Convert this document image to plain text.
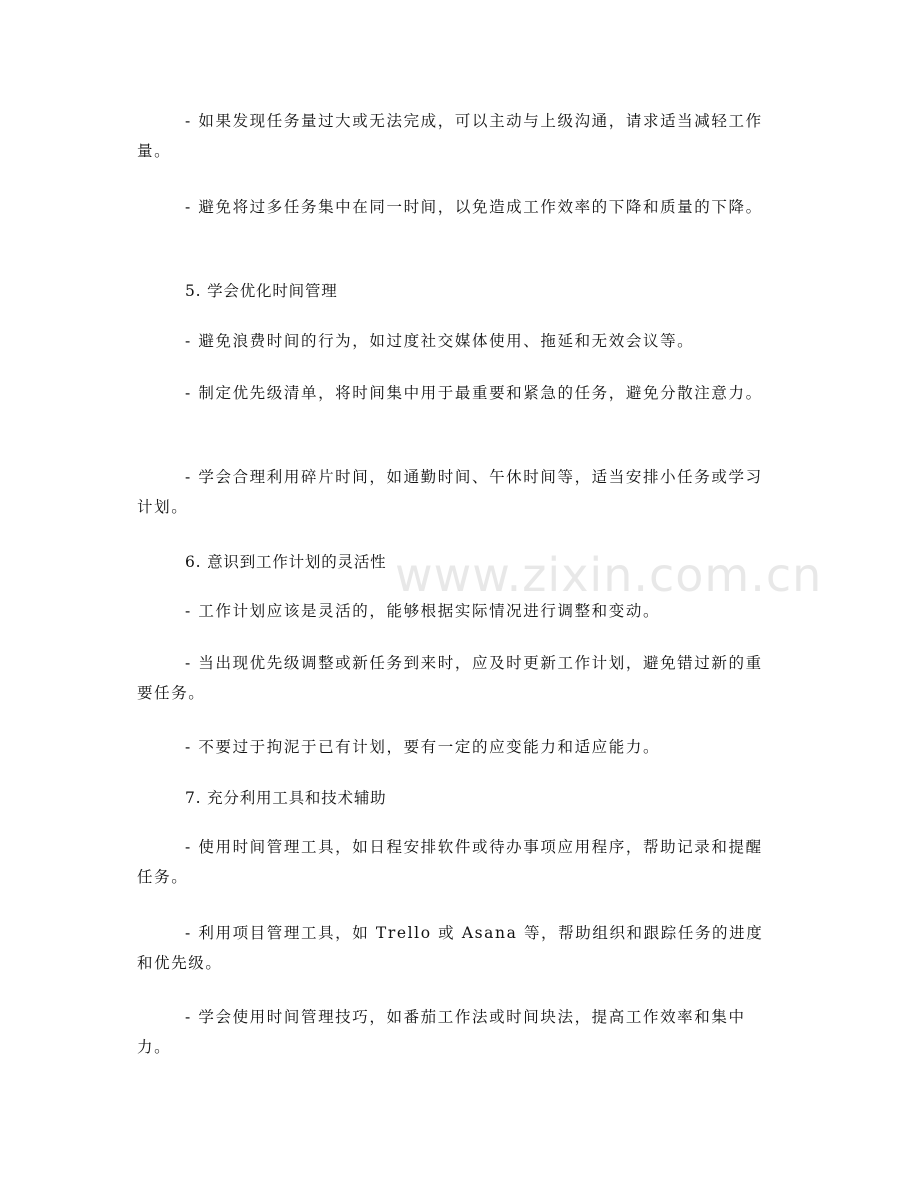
- 如果发现任务量过大或无法完成，可以主动与上级沟通，请求适当减轻工作量。

- 避免将过多任务集中在同一时间，以免造成工作效率的下降和质量的下降。

5. 学会优化时间管理

- 避免浪费时间的行为，如过度社交媒体使用、拖延和无效会议等。

- 制定优先级清单，将时间集中用于最重要和紧急的任务，避免分散注意力。

- 学会合理利用碎片时间，如通勤时间、午休时间等，适当安排小任务或学习计划。

6. 意识到工作计划的灵活性

- 工作计划应该是灵活的，能够根据实际情况进行调整和变动。

- 当出现优先级调整或新任务到来时，应及时更新工作计划，避免错过新的重要任务。

- 不要过于拘泥于已有计划，要有一定的应变能力和适应能力。

7. 充分利用工具和技术辅助

- 使用时间管理工具，如日程安排软件或待办事项应用程序，帮助记录和提醒任务。

- 利用项目管理工具，如 Trello 或 Asana 等，帮助组织和跟踪任务的进度和优先级。

- 学会使用时间管理技巧，如番茄工作法或时间块法，提高工作效率和集中力。

www.zixin.com.cn
